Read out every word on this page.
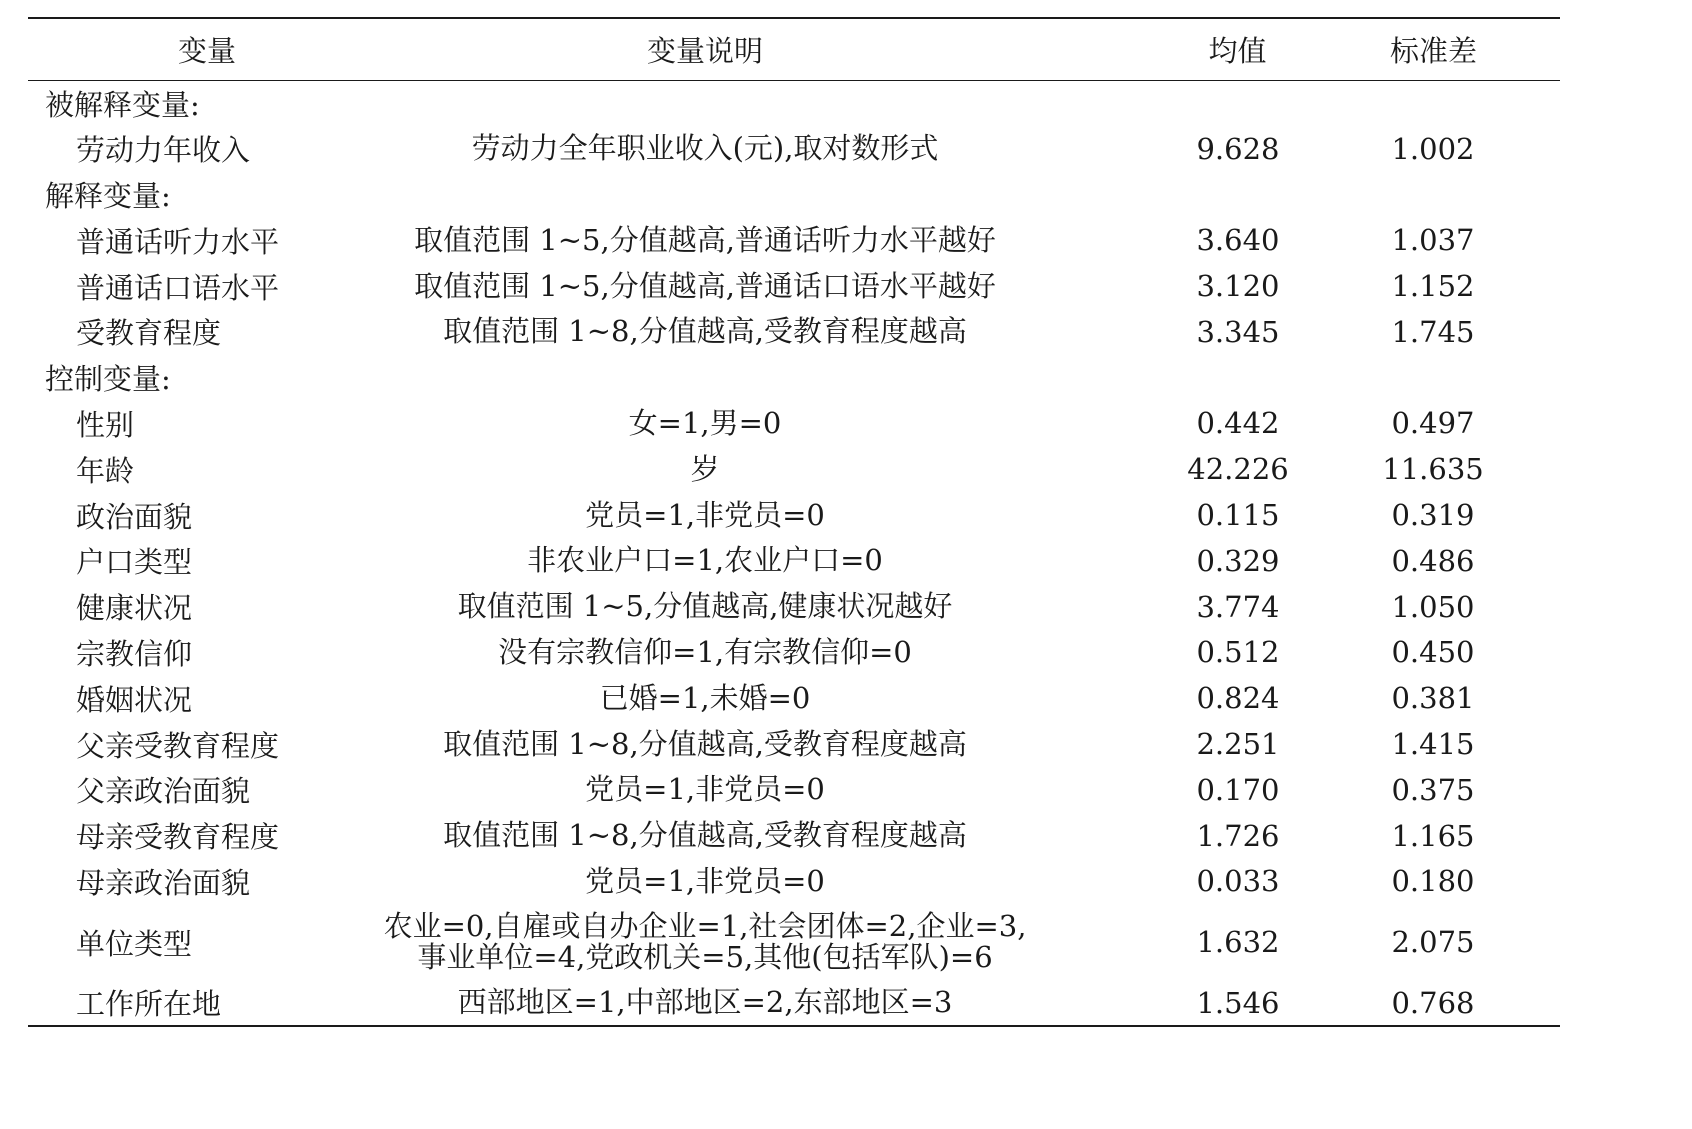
变量	变量说明	均值	标准差
被解释变量:			
劳动力年收入	劳动力全年职业收入(元),取对数形式	9.628	1.002
解释变量:			
普通话听力水平	取值范围 1~5,分值越高,普通话听力水平越好	3.640	1.037
普通话口语水平	取值范围 1~5,分值越高,普通话口语水平越好	3.120	1.152
受教育程度	取值范围 1~8,分值越高,受教育程度越高	3.345	1.745
控制变量:			
性别	女=1,男=0	0.442	0.497
年龄	岁	42.226	11.635
政治面貌	党员=1,非党员=0	0.115	0.319
户口类型	非农业户口=1,农业户口=0	0.329	0.486
健康状况	取值范围 1~5,分值越高,健康状况越好	3.774	1.050
宗教信仰	没有宗教信仰=1,有宗教信仰=0	0.512	0.450
婚姻状况	已婚=1,未婚=0	0.824	0.381
父亲受教育程度	取值范围 1~8,分值越高,受教育程度越高	2.251	1.415
父亲政治面貌	党员=1,非党员=0	0.170	0.375
母亲受教育程度	取值范围 1~8,分值越高,受教育程度越高	1.726	1.165
母亲政治面貌	党员=1,非党员=0	0.033	0.180
单位类型	农业=0,自雇或自办企业=1,社会团体=2,企业=3,
事业单位=4,党政机关=5,其他(包括军队)=6	1.632	2.075
工作所在地	西部地区=1,中部地区=2,东部地区=3	1.546	0.768
